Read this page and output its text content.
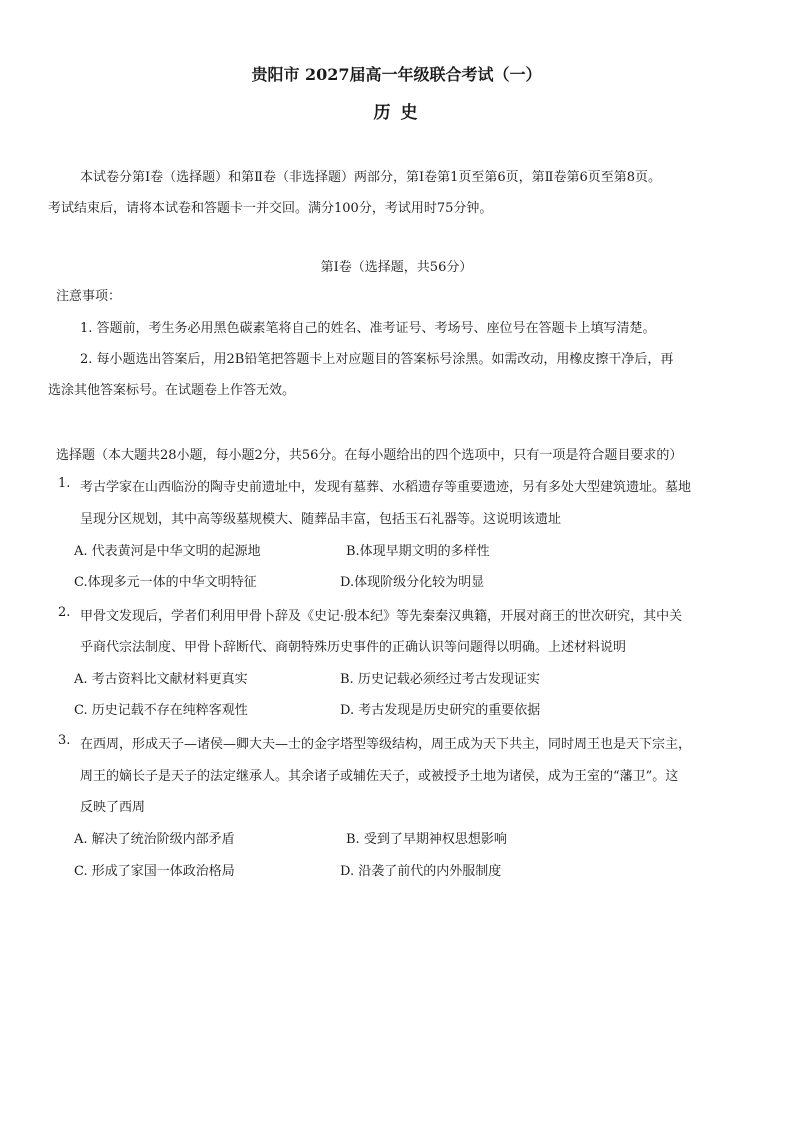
贵阳市 2027届高一年级联合考试（一）
历 史
本试卷分第Ⅰ卷（选择题）和第Ⅱ卷（非选择题）两部分，第Ⅰ卷第1页至第6页，第Ⅱ卷第6页至第8页。
考试结束后，请将本试卷和答题卡一并交回。满分100分，考试用时75分钟。
第Ⅰ卷（选择题，共56分）
注意事项：
1. 答题前，考生务必用黑色碳素笔将自己的姓名、准考证号、考场号、座位号在答题卡上填写清楚。
2. 每小题选出答案后，用2B铅笔把答题卡上对应题目的答案标号涂黑。如需改动，用橡皮擦干净后，再
选涂其他答案标号。在试题卷上作答无效。
选择题（本大题共28小题，每小题2分，共56分。在每小题给出的四个选项中，只有一项是符合题目要求的）
1. 考古学家在山西临汾的陶寺史前遗址中，发现有墓葬、水稻遗存等重要遗迹，另有多处大型建筑遗址。墓地
呈现分区规划，其中高等级墓规模大、随葬品丰富，包括玉石礼器等。这说明该遗址
A. 代表黄河是中华文明的起源地	B.体现早期文明的多样性
C.体现多元一体的中华文明特征	D.体现阶级分化较为明显
2. 甲骨文发现后，学者们利用甲骨卜辞及《史记·殷本纪》等先秦秦汉典籍，开展对商王的世次研究，其中关
乎商代宗法制度、甲骨卜辞断代、商朝特殊历史事件的正确认识等问题得以明确。上述材料说明
A. 考古资料比文献材料更真实	B. 历史记载必须经过考古发现证实
C. 历史记载不存在纯粹客观性	D. 考古发现是历史研究的重要依据
3. 在西周，形成天子—诸侯—卿大夫—士的金字塔型等级结构，周王成为天下共主，同时周王也是天下宗主，
周王的嫡长子是天子的法定继承人。其余诸子或辅佐天子，或被授予土地为诸侯，成为王室的“藩卫”。这
反映了西周
A. 解决了统治阶级内部矛盾	B. 受到了早期神权思想影响
C. 形成了家国一体政治格局	D. 沿袭了前代的内外服制度
